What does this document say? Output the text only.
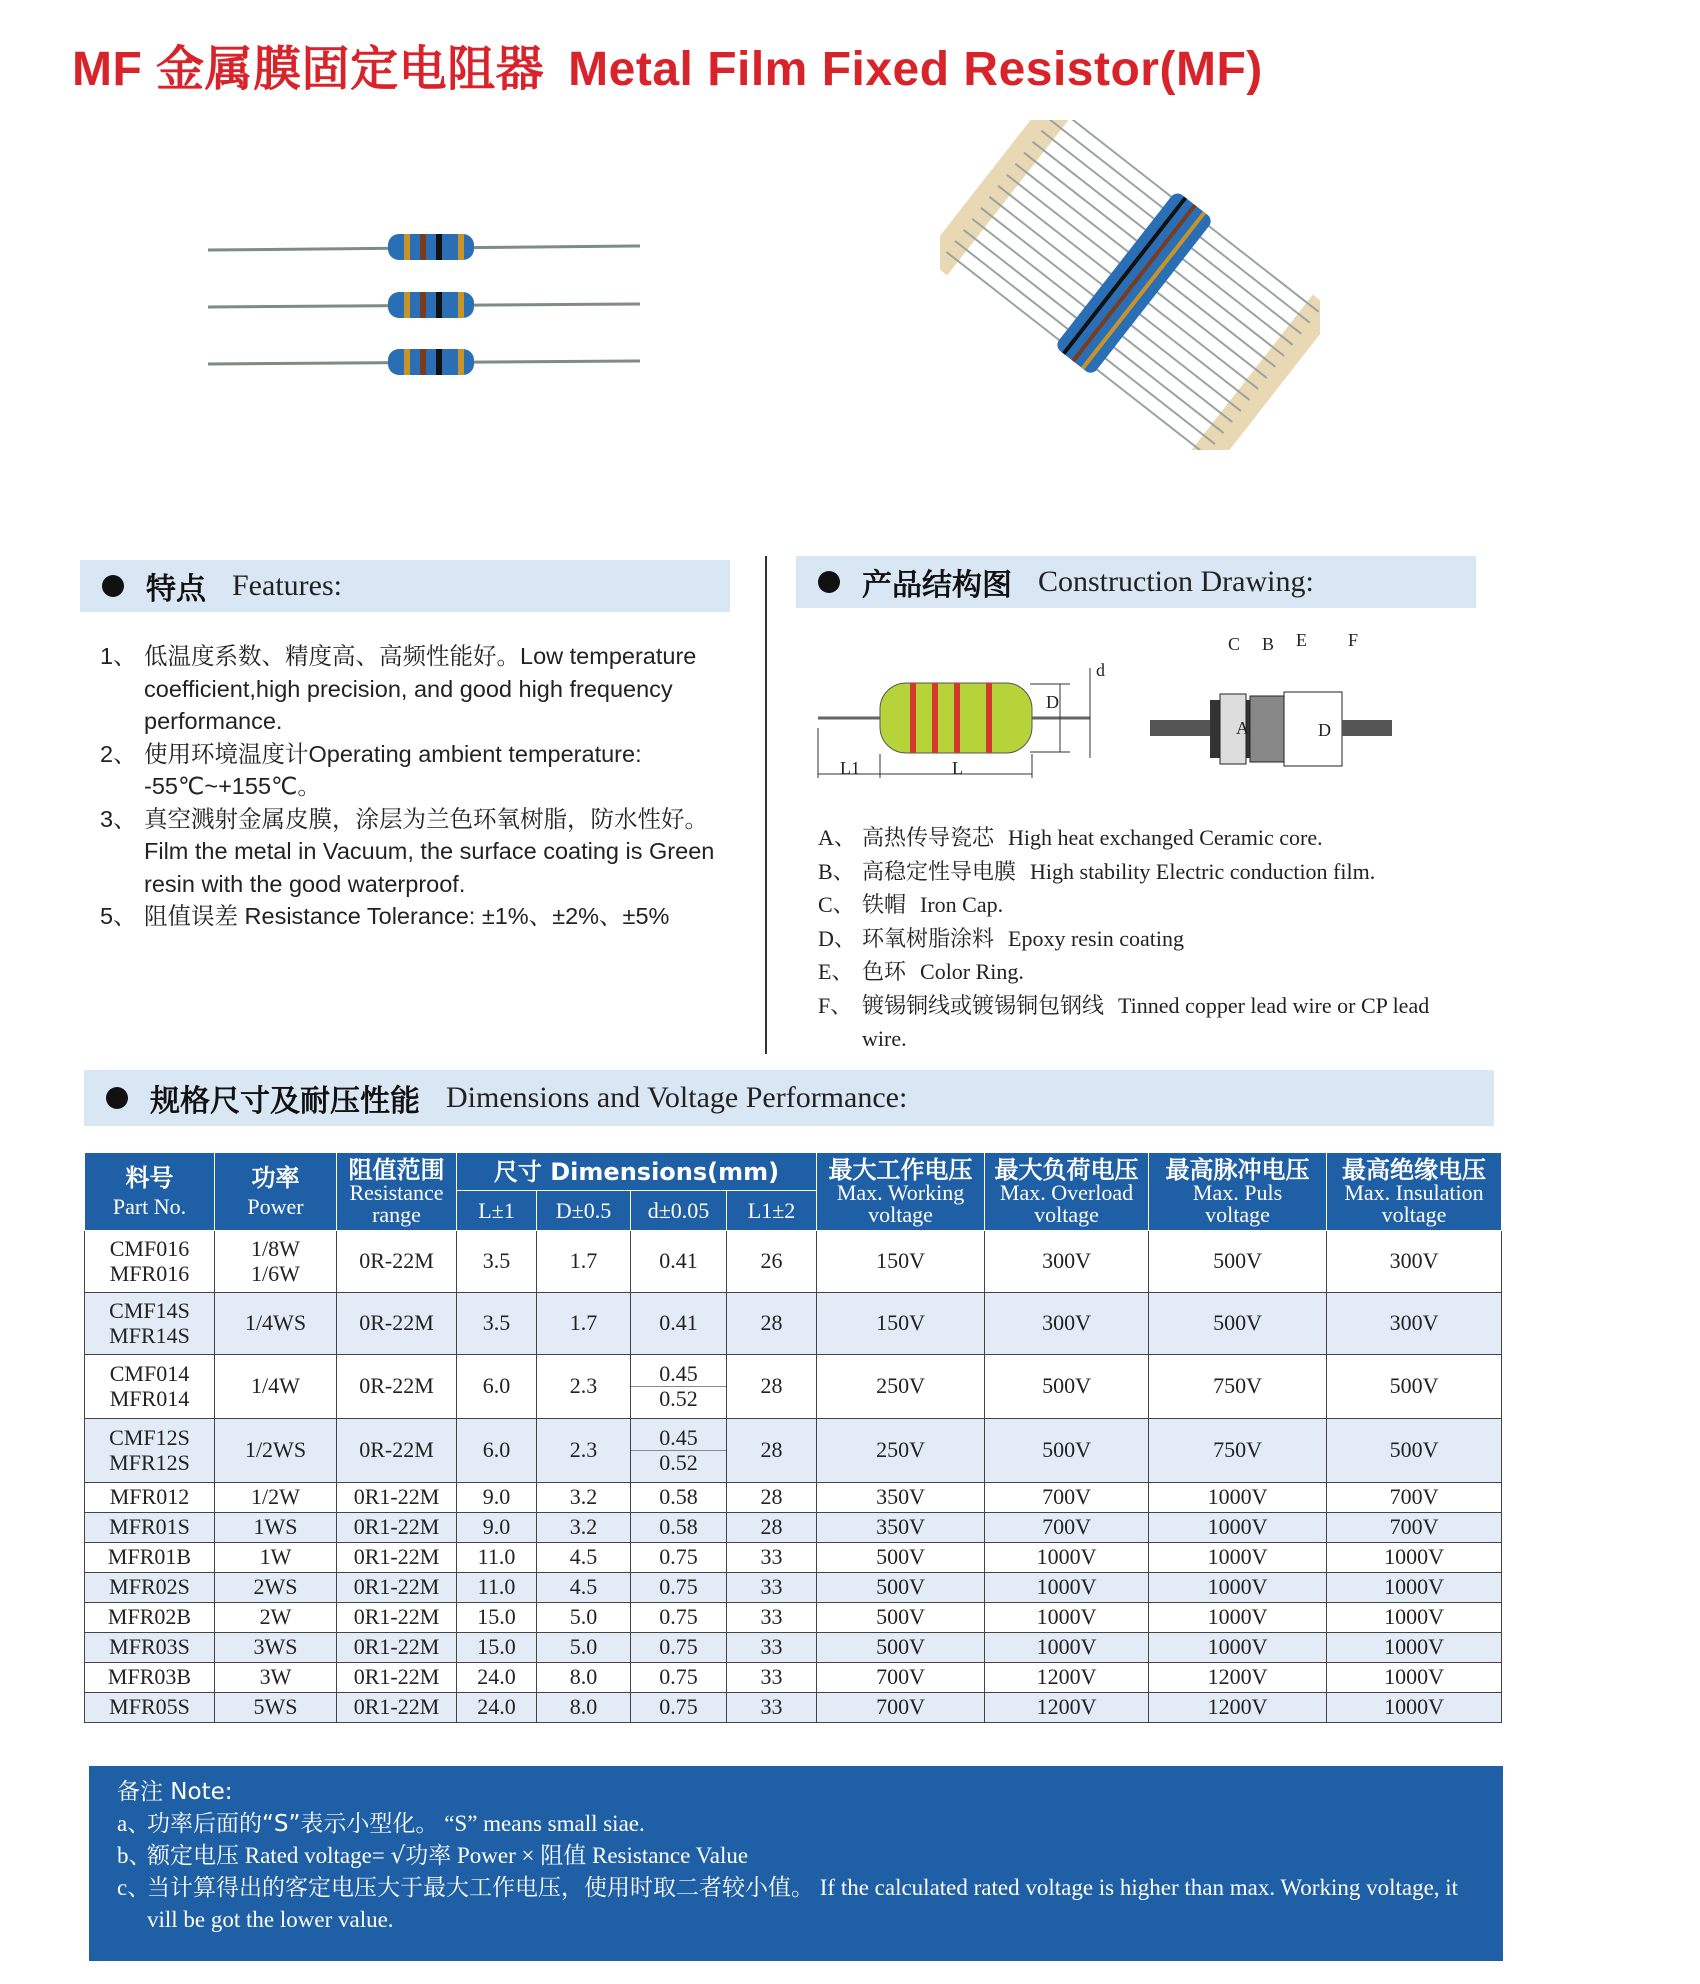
MF 金属膜固定电阻器 Metal Film Fixed Resistor(MF)
特点 Features:	产品结构图 Construction Drawing:
1、 低温度系数、精度高、高频性能好。Low temperature coefficient,high precision, and good high frequency performance.
2、 使用环境温度计Operating ambient temperature: -55℃~+155℃。
3、 真空溅射金属皮膜，涂层为兰色环氧树脂，防水性好。
Film the metal in Vacuum, the surface coating is Green resin with the good waterproof.
5、 阻值误差 Resistance Tolerance: ±1%、±2%、±5%
D
d
L1	L
C B E F
A	D
A、 高热传导瓷芯 High heat exchanged Ceramic core.
B、 高稳定性导电膜 High stability Electric conduction film.
C、 铁帽 Iron Cap.
D、 环氧树脂涂料 Epoxy resin coating
E、 色环 Color Ring.
F、 镀锡铜线或镀锡铜包钢线 Tinned copper lead wire or CP lead wire.
规格尺寸及耐压性能 Dimensions and Voltage Performance:
料号
Part No.	功率
Power	阻值范围
Resistance
range	尺寸 Dimensions(mm)				最大工作电压
Max. Working
voltage	最大负荷电压
Max. Overload
voltage	最高脉冲电压
Max. Puls
voltage	最高绝缘电压
Max. Insulation
voltage

			L±1	D±0.5	d±0.05	L1±2				

CMF016
MFR016	1/8W
1/6W	0R-22M	3.5	1.7	0.41	26	150V	300V	500V	300V

CMF14S
MFR14S	1/4WS	0R-22M	3.5	1.7	0.41	28	150V	300V	500V	300V

CMF014
MFR014	1/4W	0R-22M	6.0	2.3	0.45
0.52	28	250V	500V	750V	500V

CMF12S
MFR12S	1/2WS	0R-22M	6.0	2.3	0.45
0.52	28	250V	500V	750V	500V

MFR012	1/2W	0R1-22M	9.0	3.2	0.58	28	350V	700V	1000V	700V

MFR01S	1WS	0R1-22M	9.0	3.2	0.58	28	350V	700V	1000V	700V

MFR01B	1W	0R1-22M	11.0	4.5	0.75	33	500V	1000V	1000V	1000V

MFR02S	2WS	0R1-22M	11.0	4.5	0.75	33	500V	1000V	1000V	1000V

MFR02B	2W	0R1-22M	15.0	5.0	0.75	33	500V	1000V	1000V	1000V

MFR03S	3WS	0R1-22M	15.0	5.0	0.75	33	500V	1000V	1000V	1000V

MFR03B	3W	0R1-22M	24.0	8.0	0.75	33	700V	1200V	1200V	1000V

MFR05S	5WS	0R1-22M	24.0	8.0	0.75	33	700V	1200V	1200V	1000V
备注 Note:
a、
功率后面的“S”表示小型化。 “S” means small siae.
b、
额定电压 Rated voltage= √功率 Power × 阻值 Resistance Value
c、
当计算得出的客定电压大于最大工作电压，使用时取二者较小值。 If the calculated rated voltage is higher than max. Working voltage, it vill be got the lower value.
